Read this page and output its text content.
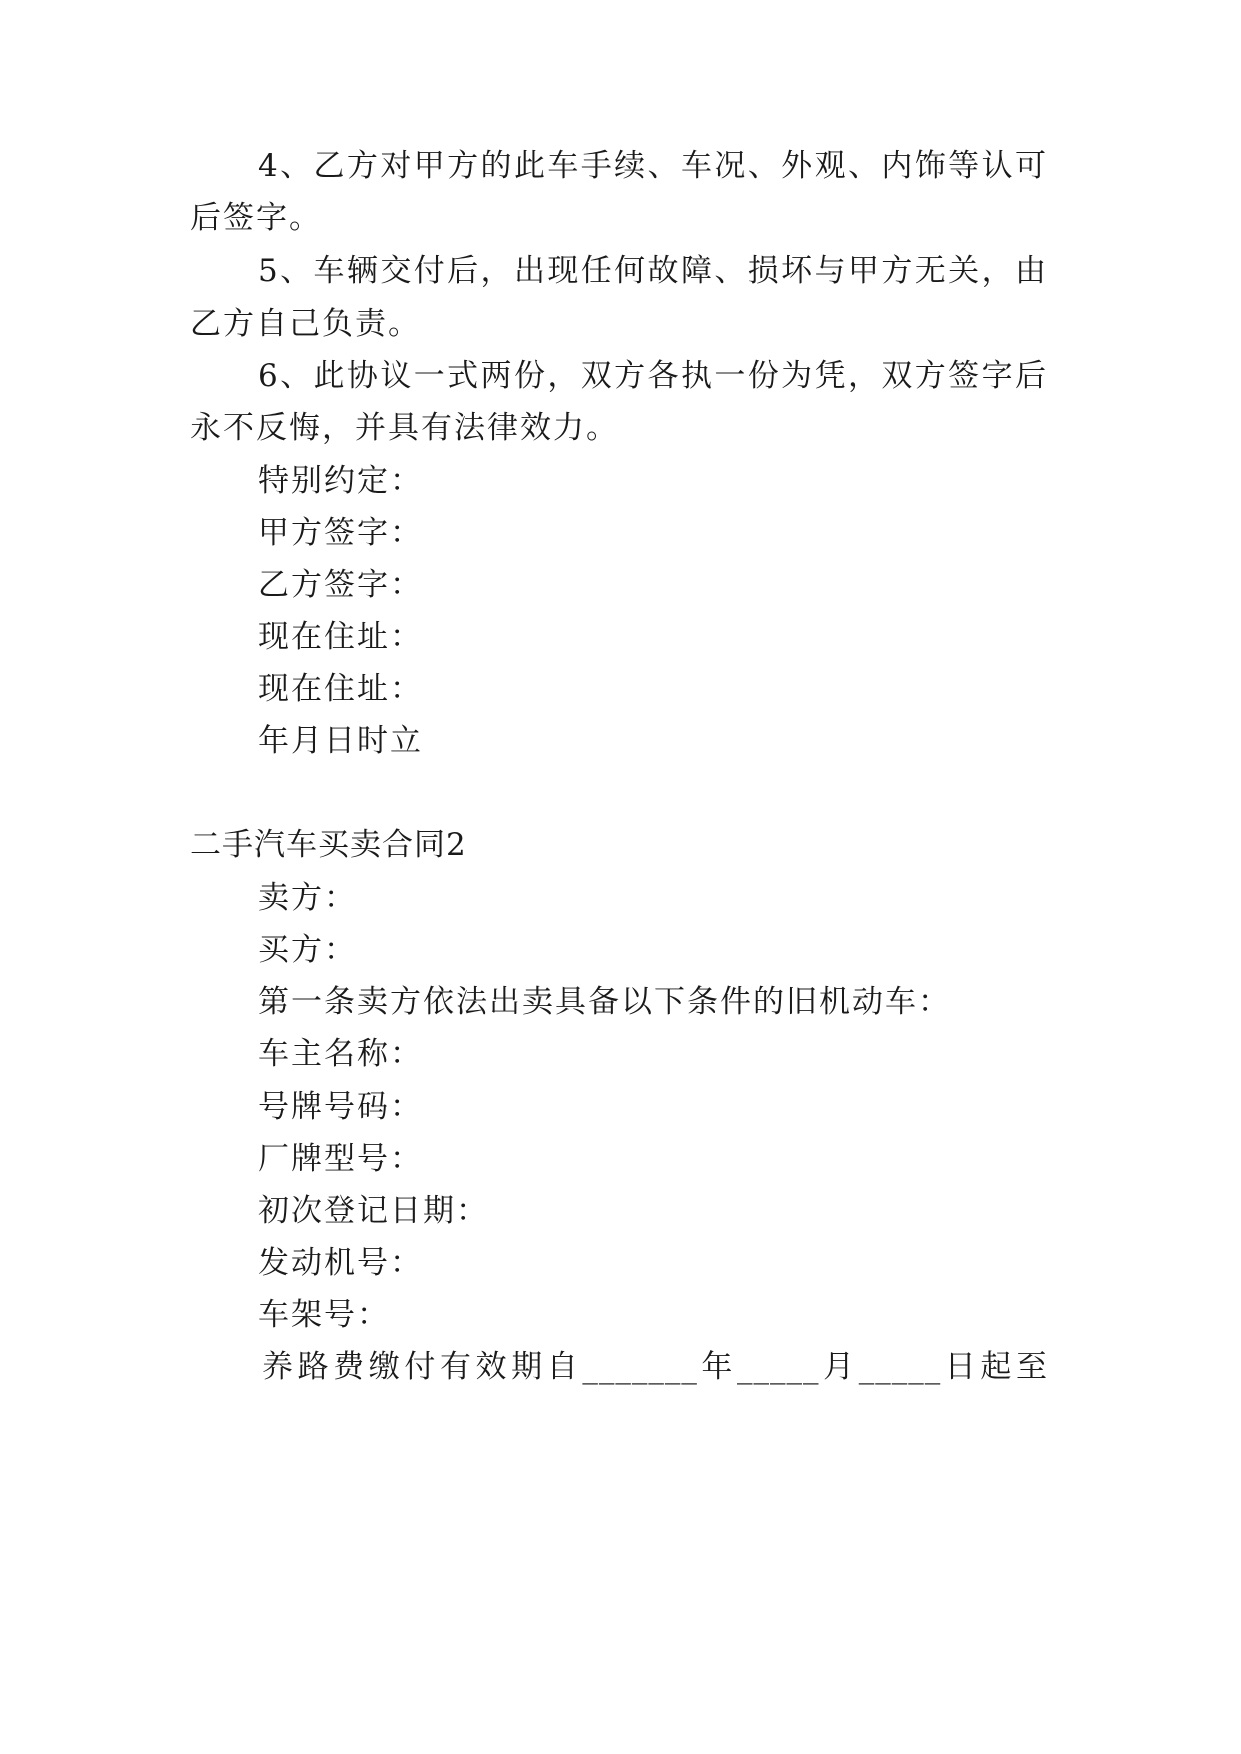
4、乙方对甲方的此车手续、车况、外观、内饰等认可
后签字。
5、车辆交付后，出现任何故障、损坏与甲方无关，由
乙方自己负责。
6、此协议一式两份，双方各执一份为凭，双方签字后
永不反悔，并具有法律效力。
特别约定：
甲方签字：
乙方签字：
现在住址：
现在住址：
年月日时立
二手汽车买卖合同2
卖方：
买方：
第一条卖方依法出卖具备以下条件的旧机动车：
车主名称：
号牌号码：
厂牌型号：
初次登记日期：
发动机号：
车架号：
养路费缴付有效期自_______年_____月_____日起至
